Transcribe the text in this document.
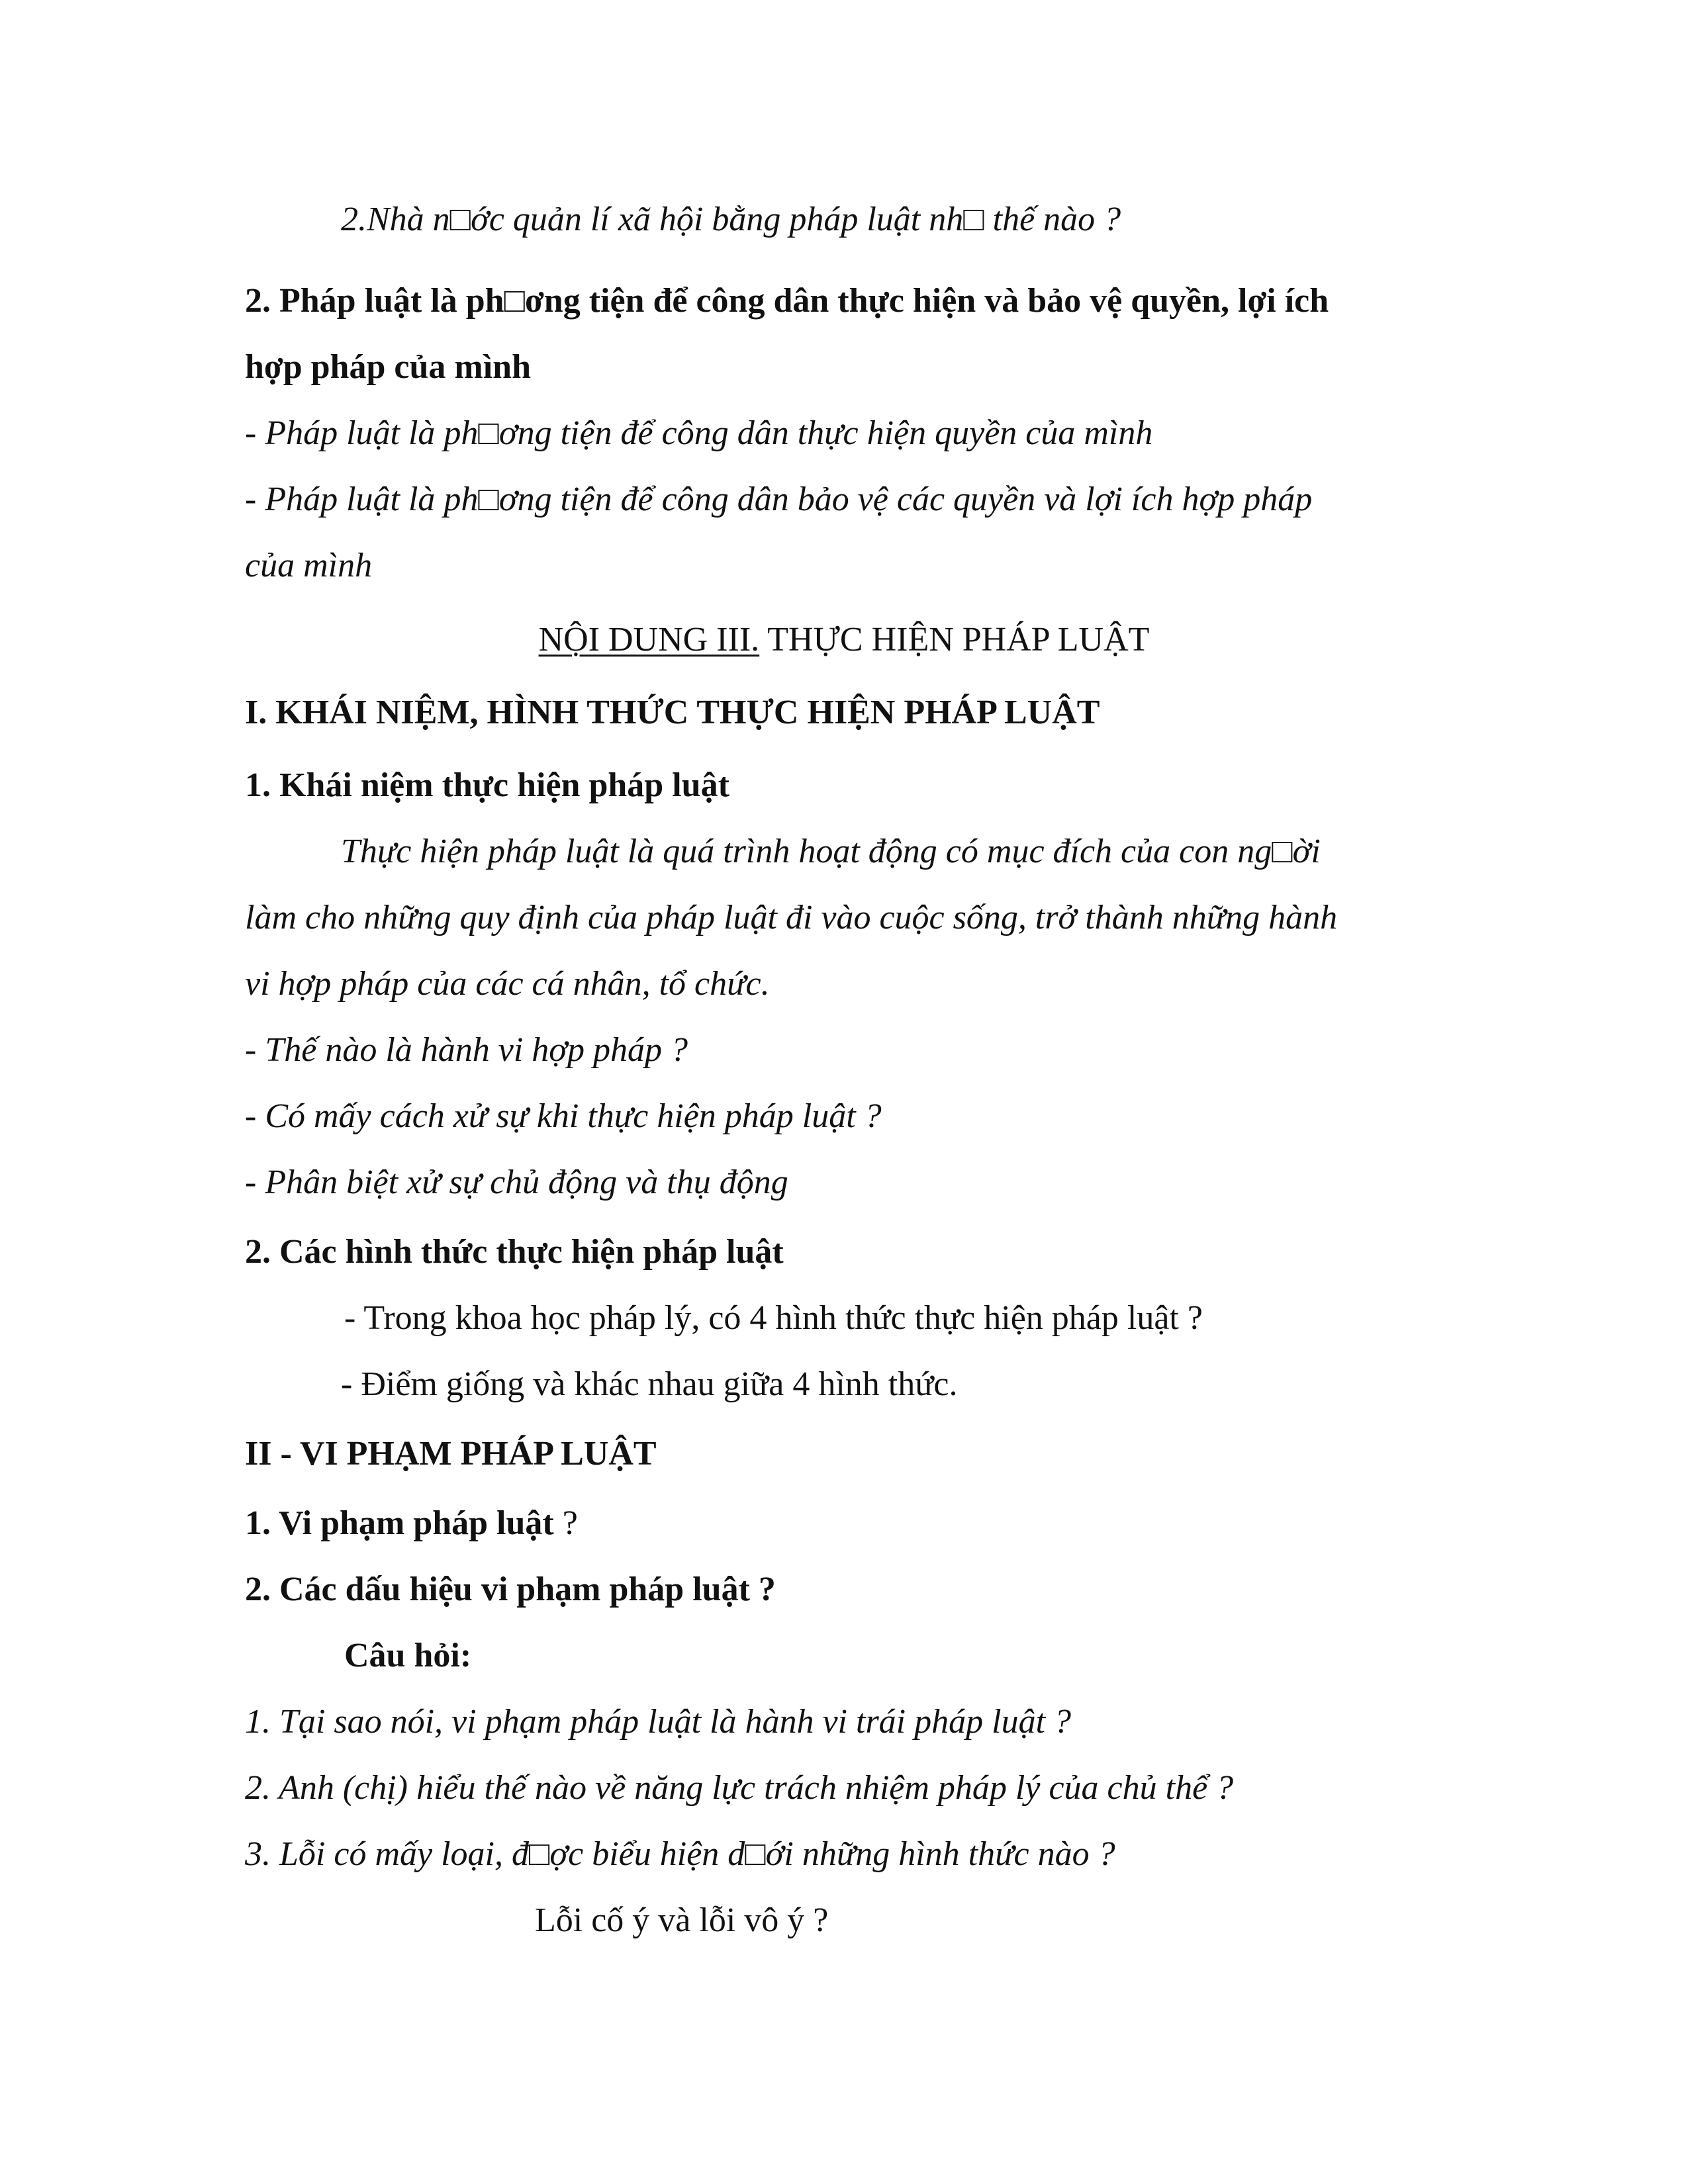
2.Nhà n□ớc quản lí xã hội bằng pháp luật nh□ thế nào ?
2. Pháp luật là ph□ơng tiện để công dân thực hiện và bảo vệ quyền, lợi ích
hợp pháp của mình
- Pháp luật là ph□ơng tiện để công dân thực hiện quyền của mình
- Pháp luật là ph□ơng tiện để công dân bảo vệ các quyền và lợi ích hợp pháp
của mình
NỘI DUNG III. THỰC HIỆN PHÁP LUẬT
I. KHÁI NIỆM, HÌNH THỨC THỰC HIỆN PHÁP LUẬT
1. Khái niệm thực hiện pháp luật
Thực hiện pháp luật là quá trình hoạt động có mục đích của con ng□ời
làm cho những quy định của pháp luật đi vào cuộc sống, trở thành những hành
vi hợp pháp của các cá nhân, tổ chức.
- Thế nào là hành vi hợp pháp ?
- Có mấy cách xử sự khi thực hiện pháp luật ?
- Phân biệt xử sự chủ động và thụ động
2. Các hình thức thực hiện pháp luật
- Trong khoa học pháp lý, có 4 hình thức thực hiện pháp luật ?
- Điểm giống và khác nhau giữa 4 hình thức.
II - VI PHẠM PHÁP LUẬT
1. Vi phạm pháp luật ?
2. Các dấu hiệu vi phạm pháp luật ?
Câu hỏi:
1. Tại sao nói, vi phạm pháp luật là hành vi trái pháp luật ?
2. Anh (chị) hiểu thế nào về năng lực trách nhiệm pháp lý của chủ thể ?
3. Lỗi có mấy loại, đ□ợc biểu hiện d□ới những hình thức nào ?
Lỗi cố ý và lỗi vô ý ?
